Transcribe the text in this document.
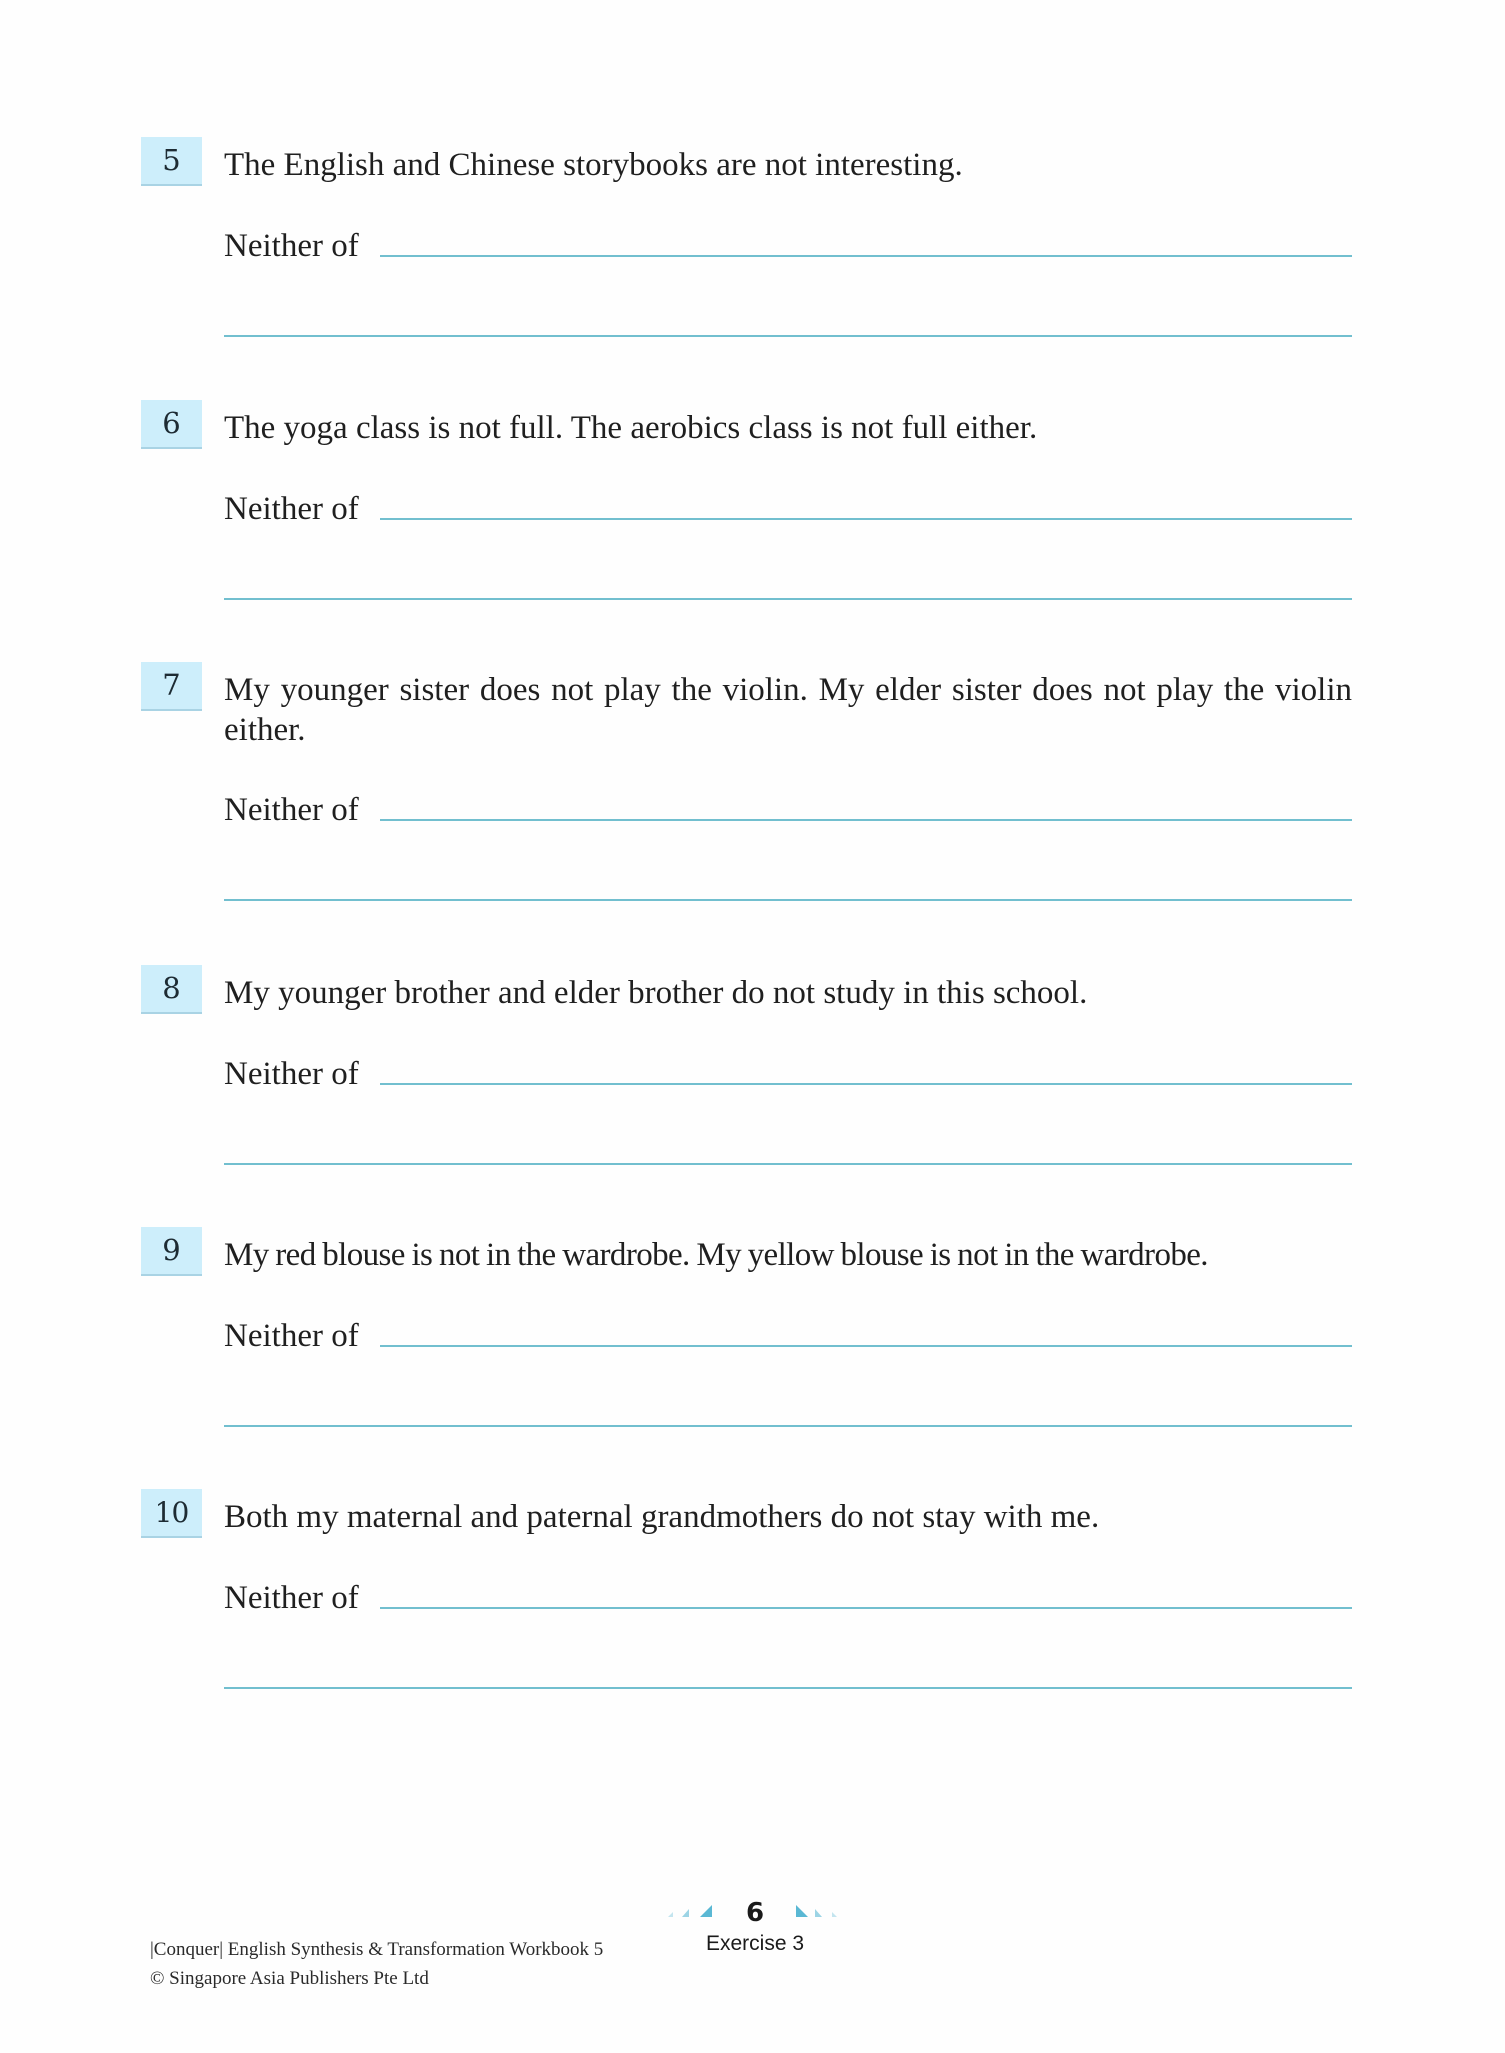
5	The English and Chinese storybooks are not interesting.
Neither of
6	The yoga class is not full. The aerobics class is not full either.
Neither of
7	My younger sister does not play the violin. My elder sister does not play the violin either.
Neither of
8	My younger brother and elder brother do not study in this school.
Neither of
9	My red blouse is not in the wardrobe. My yellow blouse is not in the wardrobe.
Neither of
10	Both my maternal and paternal grandmothers do not stay with me.
Neither of
|Conquer| English Synthesis & Transformation Workbook 5
© Singapore Asia Publishers Pte Ltd
6
Exercise 3
